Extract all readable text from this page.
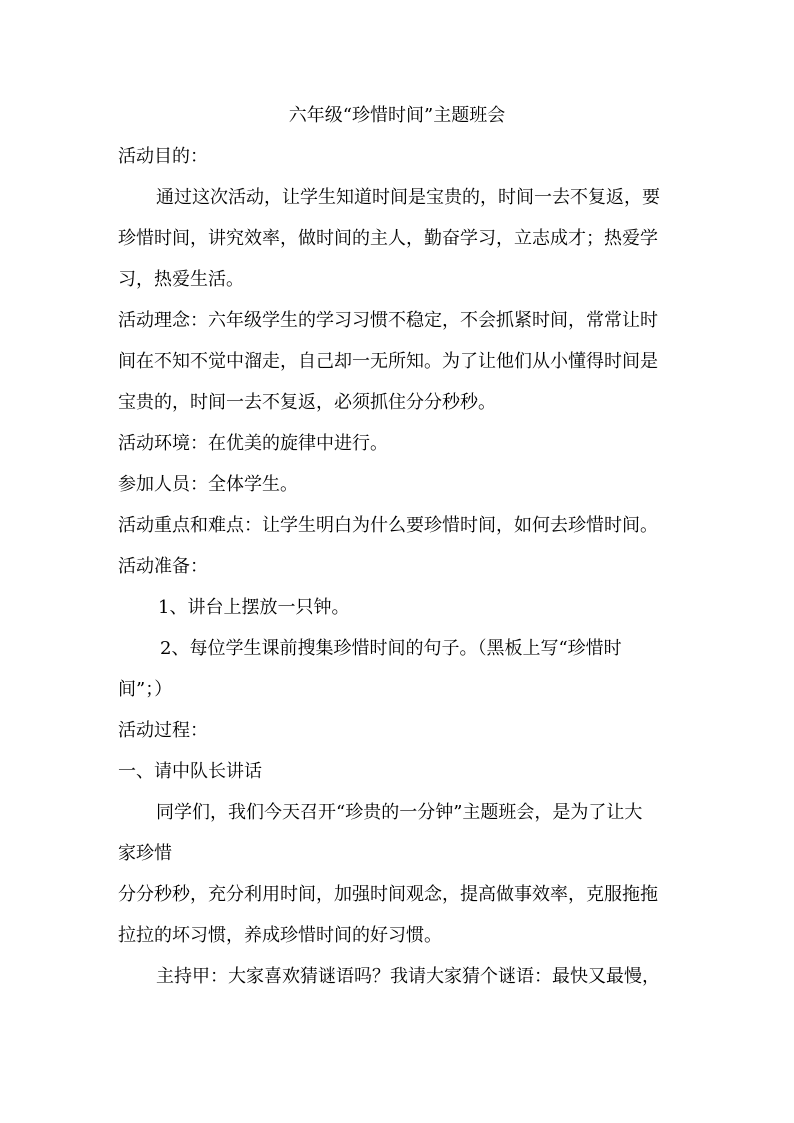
六年级“珍惜时间”主题班会
活动目的：
通过这次活动，让学生知道时间是宝贵的，时间一去不复返，要
珍惜时间，讲究效率，做时间的主人，勤奋学习，立志成才；热爱学
习，热爱生活。
活动理念：六年级学生的学习习惯不稳定，不会抓紧时间，常常让时
间在不知不觉中溜走，自己却一无所知。为了让他们从小懂得时间是
宝贵的，时间一去不复返，必须抓住分分秒秒。
活动环境：在优美的旋律中进行。
参加人员：全体学生。
活动重点和难点：让学生明白为什么要珍惜时间，如何去珍惜时间。
活动准备：
1、讲台上摆放一只钟。
2、每位学生课前搜集珍惜时间的句子。（黑板上写“珍惜时
间”；）
活动过程：
一、请中队长讲话
同学们，我们今天召开“珍贵的一分钟”主题班会，是为了让大
家珍惜
分分秒秒，充分利用时间，加强时间观念，提高做事效率，克服拖拖
拉拉的坏习惯，养成珍惜时间的好习惯。
主持甲：大家喜欢猜谜语吗？我请大家猜个谜语：最快又最慢，
